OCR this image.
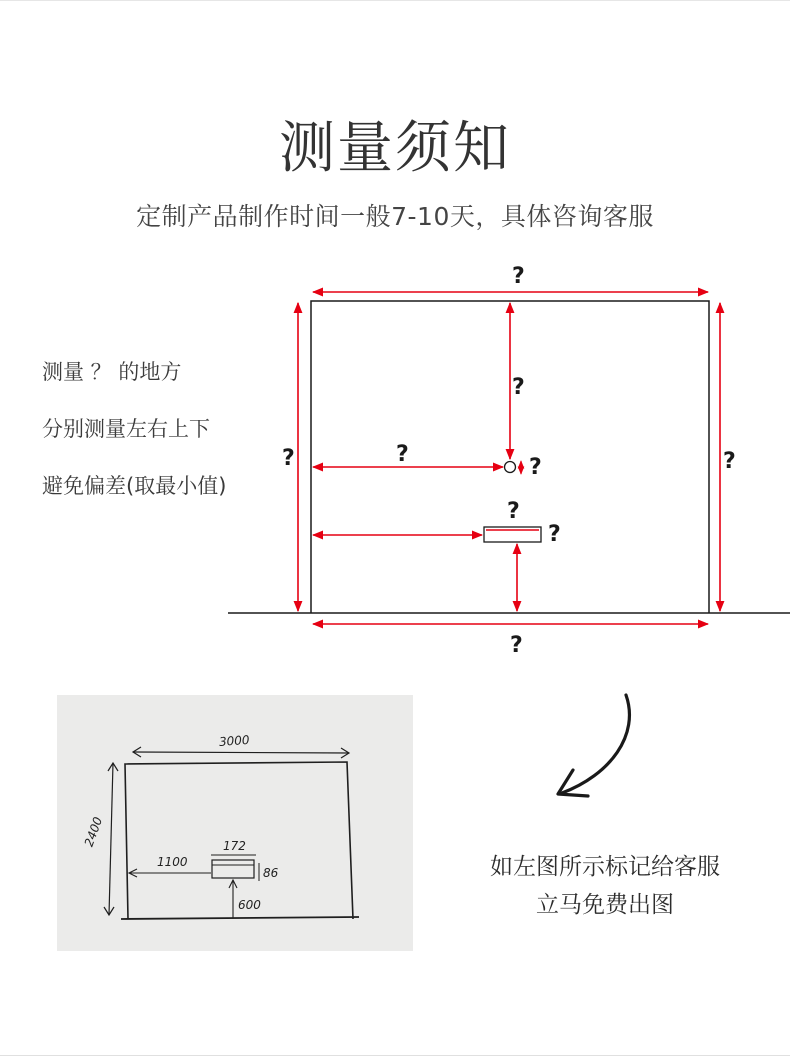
测量须知
定制产品制作时间一般7-10天，具体咨询客服
测量 ？ 的地方
分别测量左右上下
避免偏差(取最小值)
?
?
?	?
?
?
?
?
?
3000
2400	172
86
1100
600
如左图所示标记给客服
立马免费出图
